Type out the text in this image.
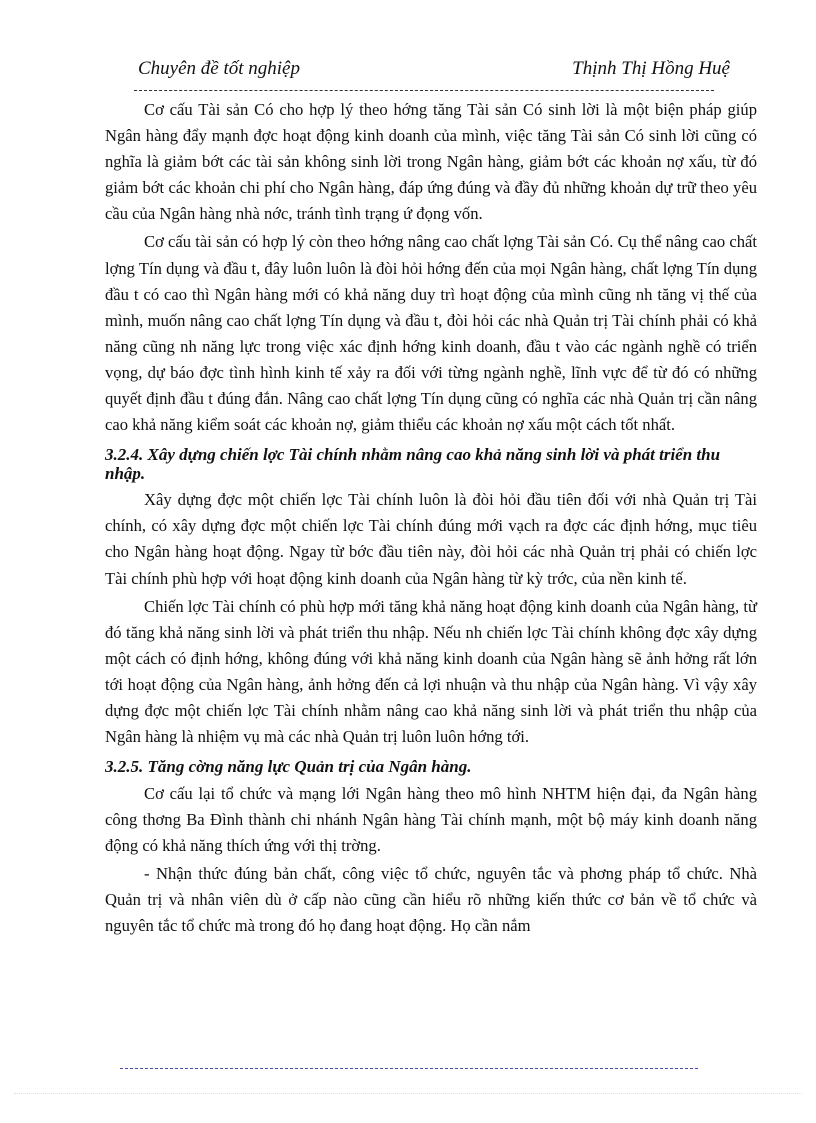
Chuyên đề tốt nghiệp	Thịnh Thị Hồng Huệ

Cơ cấu Tài sản Có cho hợp lý theo hớng tăng Tài sản Có sinh lời là một biện pháp giúp Ngân hàng đẩy mạnh đợc hoạt động kinh doanh của mình, việc tăng Tài sản Có sinh lời cũng có nghĩa là giảm bớt các tài sản không sinh lời trong Ngân hàng, giảm bớt các khoản nợ xấu, từ đó giảm bớt các khoản chi phí cho Ngân hàng, đáp ứng đúng và đầy đủ những khoản dự trữ theo yêu cầu của Ngân hàng nhà nớc, tránh tình trạng ứ đọng vốn.

Cơ cấu tài sản có hợp lý còn theo hớng nâng cao chất lợng Tài sản Có. Cụ thể nâng cao chất lợng Tín dụng và đầu t, đây luôn luôn là đòi hỏi hớng đến của mọi Ngân hàng, chất lợng Tín dụng đầu t có cao thì Ngân hàng mới có khả năng duy trì hoạt động của mình cũng nh tăng vị thế của mình, muốn nâng cao chất lợng Tín dụng và đầu t, đòi hỏi các nhà Quản trị Tài chính phải có khả năng cũng nh năng lực trong việc xác định hớng kinh doanh, đầu t vào các ngành nghề có triển vọng, dự báo đợc tình hình kinh tế xảy ra đối với từng ngành nghề, lĩnh vực để từ đó có những quyết định đầu t đúng đắn. Nâng cao chất lợng Tín dụng cũng có nghĩa các nhà Quản trị cần nâng cao khả năng kiểm soát các khoản nợ, giảm thiểu các khoản nợ xấu một cách tốt nhất.

3.2.4. Xây dựng chiến lợc Tài chính nhằm nâng cao khả năng sinh lời và phát triển thu nhập.

Xây dựng đợc một chiến lợc Tài chính luôn là đòi hỏi đầu tiên đối với nhà Quản trị Tài chính, có xây dựng đợc một chiến lợc Tài chính đúng mới vạch ra đợc các định hớng, mục tiêu cho Ngân hàng hoạt động. Ngay từ bớc đầu tiên này, đòi hỏi các nhà Quản trị phải có chiến lợc Tài chính phù hợp với hoạt động kinh doanh của Ngân hàng từ kỳ trớc, của nền kinh tế.

Chiến lợc Tài chính có phù hợp mới tăng khả năng hoạt động kinh doanh của Ngân hàng, từ đó tăng khả năng sinh lời và phát triển thu nhập. Nếu nh chiến lợc Tài chính không đợc xây dựng một cách có định hớng, không đúng với khả năng kinh doanh của Ngân hàng sẽ ảnh hởng rất lớn tới hoạt động của Ngân hàng, ảnh hởng đến cả lợi nhuận và thu nhập của Ngân hàng. Vì vậy xây dựng đợc một chiến lợc Tài chính nhằm nâng cao khả năng sinh lời và phát triển thu nhập của Ngân hàng là nhiệm vụ mà các nhà Quản trị luôn luôn hớng tới.

3.2.5. Tăng cờng năng lực Quản trị của Ngân hàng.

Cơ cấu lại tổ chức và mạng lới Ngân hàng theo mô hình NHTM hiện đại, đa Ngân hàng công thơng Ba Đình thành chi nhánh Ngân hàng Tài chính mạnh, một bộ máy kinh doanh năng động có khả năng thích ứng với thị trờng.

- Nhận thức đúng bản chất, công việc tổ chức, nguyên tắc và phơng pháp tổ chức. Nhà Quản trị và nhân viên dù ở cấp nào cũng cần hiểu rõ những kiến thức cơ bản về tổ chức và nguyên tắc tổ chức mà trong đó họ đang hoạt động. Họ cần nắm
